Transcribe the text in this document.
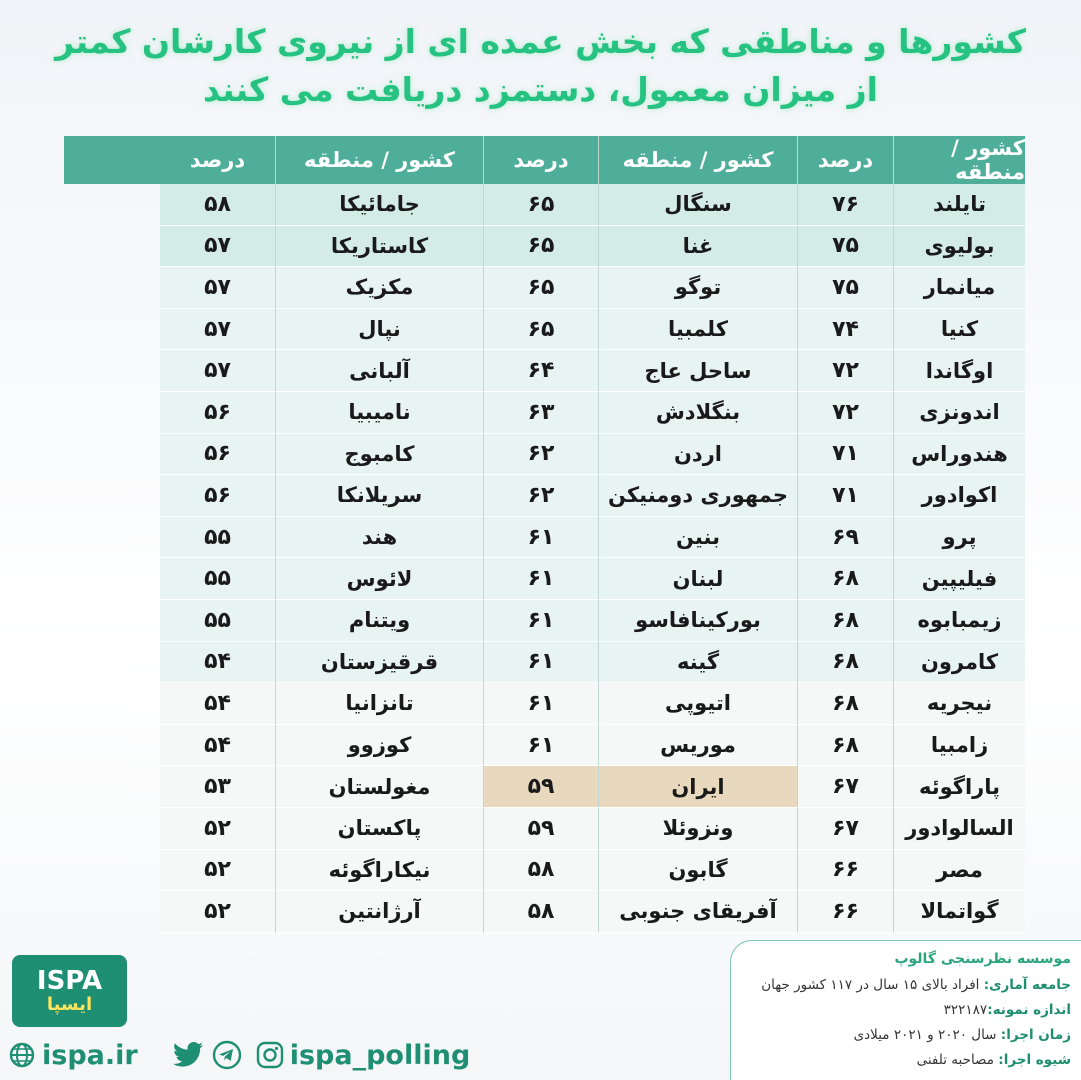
کشورها و مناطقی که بخش عمده ای از نیروی کارشان کمتر از میزان معمول، دستمزد دریافت می کنند
کشور / منطقه
درصد
کشور / منطقه
درصد
کشور / منطقه
درصد
تایلند
۷۶
سنگال
۶۵
جامائیکا
۵۸
بولیوی
۷۵
غنا
۶۵
کاستاریکا
۵۷
میانمار
۷۵
توگو
۶۵
مکزیک
۵۷
کنیا
۷۴
کلمبیا
۶۵
نپال
۵۷
اوگاندا
۷۲
ساحل عاج
۶۴
آلبانی
۵۷
اندونزی
۷۲
بنگلادش
۶۳
نامیبیا
۵۶
هندوراس
۷۱
اردن
۶۲
کامبوج
۵۶
اکوادور
۷۱
جمهوری دومنیکن
۶۲
سریلانکا
۵۶
پرو
۶۹
بنین
۶۱
هند
۵۵
فیلیپین
۶۸
لبنان
۶۱
لائوس
۵۵
زیمبابوه
۶۸
بورکینافاسو
۶۱
ویتنام
۵۵
کامرون
۶۸
گینه
۶۱
قرقیزستان
۵۴
نیجریه
۶۸
اتیوپی
۶۱
تانزانیا
۵۴
زامبیا
۶۸
موریس
۶۱
کوزوو
۵۴
پاراگوئه
۶۷
ایران
۵۹
مغولستان
۵۳
السالوادور
۶۷
ونزوئلا
۵۹
پاکستان
۵۲
مصر
۶۶
گابون
۵۸
نیکاراگوئه
۵۲
گواتمالا
۶۶
آفریقای جنوبی
۵۸
آرژانتین
۵۲
موسسه نظرسنجی گالوپ
جامعه آماری: افراد بالای ۱۵ سال در ۱۱۷ کشور جهان
اندازه نمونه:۳۲۲۱۸۷
زمان اجرا: سال ۲۰۲۰ و ۲۰۲۱ میلادی
شیوه اجرا: مصاحبه تلفنی
ISPA
ایسپا
ispa.ir	ispa_polling
